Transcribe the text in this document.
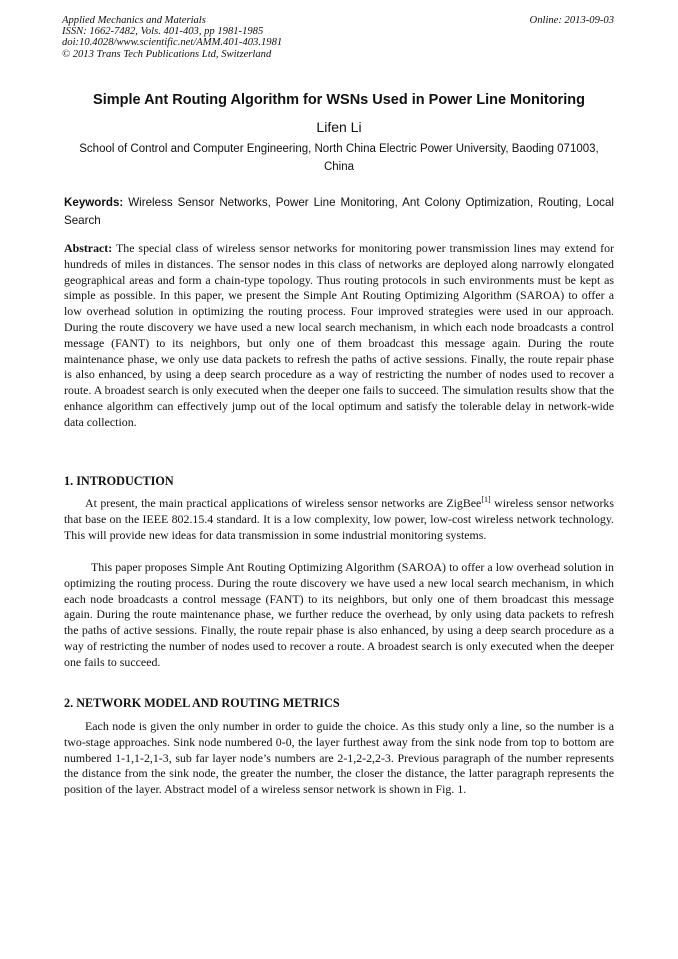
Applied Mechanics and Materials
ISSN: 1662-7482, Vols. 401-403, pp 1981-1985
doi:10.4028/www.scientific.net/AMM.401-403.1981
© 2013 Trans Tech Publications Ltd, Switzerland
Online: 2013-09-03
Simple Ant Routing Algorithm for WSNs Used in Power Line Monitoring
Lifen Li
School of Control and Computer Engineering, North China Electric Power University, Baoding 071003, China
Keywords: Wireless Sensor Networks, Power Line Monitoring, Ant Colony Optimization, Routing, Local Search
Abstract: The special class of wireless sensor networks for monitoring power transmission lines may extend for hundreds of miles in distances. The sensor nodes in this class of networks are deployed along narrowly elongated geographical areas and form a chain-type topology. Thus routing protocols in such environments must be kept as simple as possible. In this paper, we present the Simple Ant Routing Optimizing Algorithm (SAROA) to offer a low overhead solution in optimizing the routing process. Four improved strategies were used in our approach. During the route discovery we have used a new local search mechanism, in which each node broadcasts a control message (FANT) to its neighbors, but only one of them broadcast this message again. During the route maintenance phase, we only use data packets to refresh the paths of active sessions. Finally, the route repair phase is also enhanced, by using a deep search procedure as a way of restricting the number of nodes used to recover a route. A broadest search is only executed when the deeper one fails to succeed. The simulation results show that the enhance algorithm can effectively jump out of the local optimum and satisfy the tolerable delay in network-wide data collection.
1. INTRODUCTION

At present, the main practical applications of wireless sensor networks are ZigBee[1] wireless sensor networks that base on the IEEE 802.15.4 standard. It is a low complexity, low power, low-cost wireless network technology. This will provide new ideas for data transmission in some industrial monitoring systems.

This paper proposes Simple Ant Routing Optimizing Algorithm (SAROA) to offer a low overhead solution in optimizing the routing process. During the route discovery we have used a new local search mechanism, in which each node broadcasts a control message (FANT) to its neighbors, but only one of them broadcast this message again. During the route maintenance phase, we further reduce the overhead, by only using data packets to refresh the paths of active sessions. Finally, the route repair phase is also enhanced, by using a deep search procedure as a way of restricting the number of nodes used to recover a route. A broadest search is only executed when the deeper one fails to succeed.

2. NETWORK MODEL AND ROUTING METRICS

Each node is given the only number in order to guide the choice. As this study only a line, so the number is a two-stage approaches. Sink node numbered 0-0, the layer furthest away from the sink node from top to bottom are numbered 1-1,1-2,1-3, sub far layer node’s numbers are 2-1,2-2,2-3. Previous paragraph of the number represents the distance from the sink node, the greater the number, the closer the distance, the latter paragraph represents the position of the layer. Abstract model of a wireless sensor network is shown in Fig. 1.
